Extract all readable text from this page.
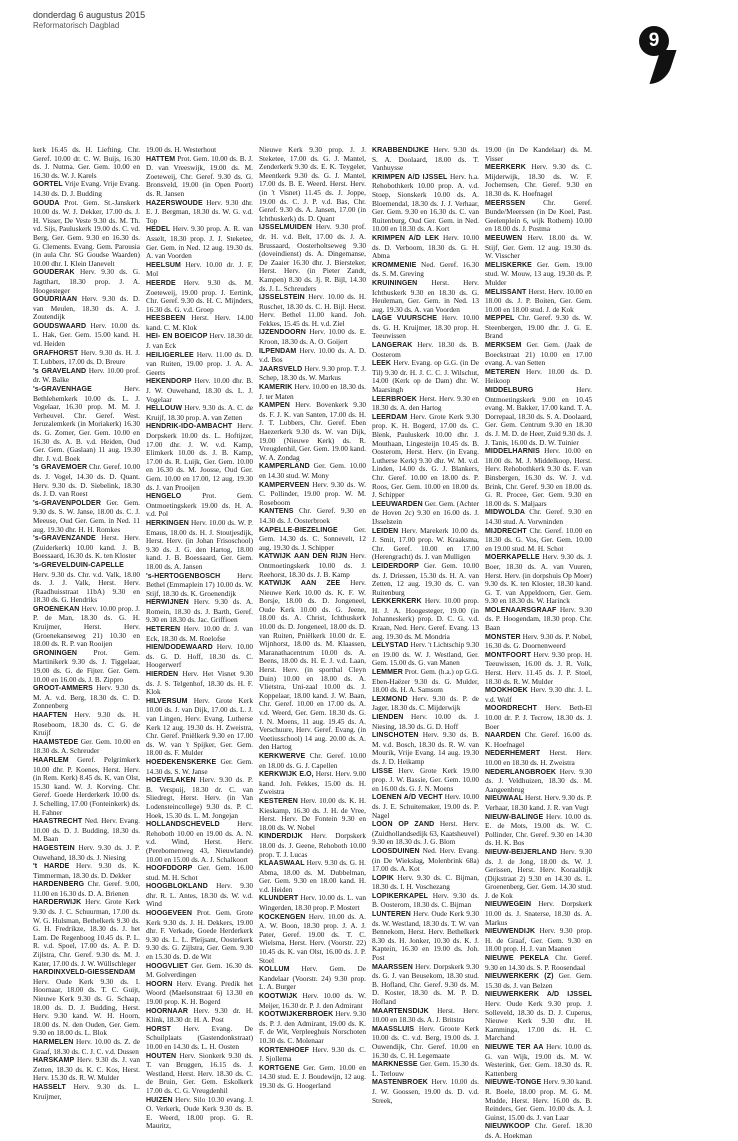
donderdag 6 augustus 2015
Reformatorisch Dagblad
9

kerk 16.45 ds. H. Liefting. Chr. Geref. 10.00 dr. C. W. Buijs, 16.30 ds. J. Nutma. Ger. Gem. 10.00 en 16.30 ds. W. J. Karels

GORTEL Vrije Evang. Vrije Evang. 14.30 ds. D. J. Budding

GOUDA Prot. Gem. St.-Janskerk 10.00 ds. W. J. Dekker, 17.00 ds. J. H. Visser, De Veste 9.30 ds. M. Th. vd. Sijs, Pauluskerk 19.00 ds. C. vd. Berg, Ger. Gem. 9.30 en 16.30 ds. G. Clements. Evang. Gem. Parousia (in aula Chr. SG Goudse Waarden) 10.00 dhr. I. Klein IJanevelt

GOUDERAK Herv. 9.30 ds. G. Jagtthart, 18.30 prop. J. A. Hoogesteger

GOUDRIAAN Herv. 9.30 ds. D. van Meulen, 18.30 ds. A. J. Zoutendijk

GOUDSWAARD Herv. 10.00 ds. L. Hak, Ger. Gem. 15.00 kand. H. vd. Heiden

GRAFHORST Herv. 9.30 ds. H. J. T. Lubbers, 17.00 ds. D. Breure

's GRAVELAND Herv. 10.00 prof. dr. W. Balke

's-GRAVENHAGE	Herv. Bethlehemkerk 10.00 ds. L. J. Vogelaar, 16.30 prop. M. M. J. Verheuvel. Chr. Geref. West. Jeruzalemkerk (in Moriakerk) 16.30 ds. G. Zomer, Ger. Gem. 10.00 en 16.30 ds. A. B. v.d. Heiden, Oud Ger. Gem. (Gaslaan) 11 aug. 19.30 dhr. J. v.d. Boek

's GRAVEMOER Chr. Geref. 10.00 ds. J. Vogel, 14.30 ds. D. Quant. Herv. 9.30 ds. D. Siebelink, 18.30 ds. J. D. van Roest

's-GRAVENPOLDER Ger. Gem. 9.30 ds. S. W. Janse, 18.00 ds. C. J. Meeuse, Oud Ger. Gem. in Ned. 11 aug. 19.30 dhr. H. H. Romkes

's-GRAVENZANDE Herst. Herv. (Zuiderkerk) 10.00 kand. J. B. Boessaard, 16.30 ds. K. ten Kloster

's-GREVELDUIN-CAPELLE Herv. 9.30 ds. Chr. v.d. Valk, 18.00 ds. J. J. Valk, Herst. Herv. (Raadhuisstraat 11bA) 9.30 en 18.30 ds. G. Hendriks

GROENEKAN Herv. 10.00 prop. J. P. de Man, 18.30 ds. G. H. Kruijmer, Herst. Herv. (Groenekanseweg 21) 10.30 en 18.00 ds. R. P. van Rooijen

GRONINGEN Prot. Gem. Martinikerk 9.30 ds. J. Tiggelaar, 19.00 ds. G. de Fijter. Ger. Gem. 10.00 en 16.00 ds. J. B. Zippro

GROOT-AMMERS Herv. 9.30 ds. M. A. v.d. Berg, 18.30 ds. C. D. Zonnenberg

HAAFTEN Herv. 9.30 ds. H. Roseboom, 18.30 ds. C. G. de Kruijf

HAAMSTEDE Ger. Gem. 10.00 en 18.30 ds. A. Schreuder

HAARLEM Geref. Pelgrimkerk 10.00 dhr. P. Koenes, Herst. Herv. (in Rem. Kerk) 8.45 ds. K. van Olst, 15.30 kand. W. J. Korving. Chr. Geref. Goede Herderkerk 10.00 ds. J. Schelling, 17.00 (Fonteinkerk) ds. H. Fahner

HAASTRECHT Ned. Herv. Evang. 10.00 ds. D. J. Budding, 18.30 ds. M. Baan

HAGESTEIN Herv. 9.30 ds. J. P. Ouwehand, 18.30 ds. J. Niesing

't HARDE Herv. 9.30 ds. K. Timmerman, 18.30 ds. D. Dekker

HARDENBERG Chr. Geref. 9.00, 11.00 en 16.30 ds. D. A. Brienen

HARDERWIJK Herv. Grote Kerk 9.30 ds. J. C. Schuurman, 17.00 ds. W. G. Hulsman, Bethelkerk 9.30 ds. G. H. Fredrikze, 18.30 ds. J. het Lam. De Regenboog 10.45 ds. P. L. R. v.d. Spoel, 17.00 ds. A. P. D. Zijlstra, Chr. Geref. 9.30 ds. M. J. Kater, 17.00 ds. J. W. Wüllschleger

HARDINXVELD-GIESSENDAM Herv. Oude Kerk 9.30 ds. I. Hoornaar, 18.00 ds. T. C. Guijt, Nieuwe Kerk 9.30 ds. G. Schaap, 18.00 ds. D. J. Budding, Herst. Herv. 9.30 kand. W. H. Hoorn, 18.00 ds. N. den Ouden, Ger. Gem. 9.30 en 18.00 ds. L. Blok

HARMELEN Herv. 10.00 ds. Z. de Graaf, 18.30 ds. C. J. C. v.d. Dussen

HARSKAMP Herv. 9.30 ds. J. van Zetten, 18.30 ds. K. C. Kos, Herst. Herv. 15.30 ds. R. W. Mulder

HASSELT Herv. 9.30 ds. L. Kruijmer,

19.00 ds. H. Westerhout

HATTEM Prot. Gem. 10.00 ds. B. J. D. van Vreeswijk, 19.00 ds. M. Zoeteweij, Chr. Geref. 9.30 ds. G. Bronsveld, 19.00 (in Open Poort) ds. R. Jansen

HAZERSWOUDE Herv. 9.30 dhr. E. J. Bergman, 18.30 ds. W. G. v.d. Top

HEDEL Herv. 9.30 prop. A. R. van Asselt, 18.30 prop. J. J. Steketee, Ger. Gem. in Ned. 12 aug. 19.30 ds. A. van Voorden

HEELSUM Herv. 10.00 dr. J. F. Mol

HEERDE Herv. 9.30 ds. M. Zoeteweij, 19.00 prop. J. Eertink, Chr. Geref. 9.30 ds. H. C. Mijnders, 16.30 ds. G. v.d. Groep

HEESBEEN Herst. Herv. 14.00 kand. C. M. Klok

HEI- EN BOEICOP Herv. 18.30 dr. J. van Eck

HEILIGERLEE Herv. 11.00 ds. D. van Ruiten, 19.00 prop. J. A. A. Geerts

HEKENDORP Herv. 10.00 dhr. B. J. W. Ouwehand, 18.30 ds. L. J. Vogelaar

HELLOUW Herv. 9.30 ds. A. C. de Kruijf, 18.30 prop. A. van Zetten

HENDRIK-IDO-AMBACHT Herv. Dorpskerk 10.00 ds. L. Hoftijzer, 17.00 dhr. J. W. v.d. Kamp, Elimkerk 10.00 ds. J. B. Kamp, 17.00 ds. R. Luijk, Ger. Gem. 10.00 en 16.30 ds. M. Joosse, Oud Ger. Gem. 10.00 en 17.00, 12 aug. 19.30 ds. J. van Prooijen

HENGELO	Prot. Gem. Ontmoetingskerk 19.00 ds. H. A. v.d. Pol

HERKINGEN Herv. 10.00 ds. W. P. Emaus, 18.00 ds. H. J. Stoutjesdijk, Herst. Herv. (in Johan Frisoschool) 9.30 ds. J. G. den Hartog, 18.00 kand. J. B. Boessaard, Ger. Gem. 18.00 ds. A. Jansen

's-HERTOGENBOSCH Herv. Bethel (Emmaplein 17) 10.00 ds. W. Stijf, 18.30 ds. K. Groenendijk

HERWIJNEN Herv. 9.30 ds. A. Romein, 18.30 ds. J. Barth, Geref. 9.30 en 18.30 ds. Jac. Griffioen

HETEREN Herv. 10.00 dr. J. van Eck, 18.30 ds. M. Roelofse

HIEN/DODEWAARD Herv. 10.00 ds. G. D. Hoff, 18.30 ds. C. Hoogerwerf

HIERDEN Herv. Het Visnet 9.30 ds. J. S. Telgenhof, 18.30 ds. H. F. Klok

HILVERSUM Herv. Grote Kerk 10.00 ds. J. van Dijk, 17.00 ds. L. J. van Lingen, Herv. Evang. Lutherse Kerk 12 aug. 19.30 ds. H. Zweistra, Chr. Geref. Pniëlkerk 9.30 en 17.00 ds. W. van 't Spijker, Ger. Gem. 18.00 ds. F. Mulder

HOEDEKENSKERKE Ger. Gem. 14.30 ds. S. W. Janse

HOEVELAKEN Herv. 9.30 ds. P. B. Verspuij, 18.30 dr. C. van Sliedregt, Herst. Herv. (in Van Lodensteincollege) 9.30 ds. P. C. Hoek, 15.30 ds. L. M. Jongejan

HOLLANDSCHEVELD Herv. Rehoboth 10.00 en 19.00 ds. A. N. v.d. Wind, Herst. Herv. (Perebomenweg 43, Nieuwlande) 10.00 en 15.00 ds. A. J. Schalkoort

HOOFDDORP Ger. Gem. 16.00 stud. M. H. Schot

HOOGBLOKLAND Herv. 9.30 dhr. R. L. Antes, 18.30 ds. W. v.d. Wind

HOOGEVEEN Prot. Gem. Grote Kerk 9.30 ds. J. H. Dekkers, 19.00 dhr. F. Verkade, Goede Herderkerk 9.30 ds. L. L. Pleijsant, Oosterkerk 9.30 ds. G. Zijlstra, Ger. Gem. 9.30 en 15.30 ds. D. de Wit

HOOGVLIET Ger. Gem. 16.30 ds. M. Golverdingen

HOORN Herv. Evang. Predik het Woord (Maelsonstraat 6) 13.30 en 19.00 prop. K. H. Bogerd

HOORNAAR Herv. 9.30 dr. H. Klink, 18.30 dr. H. A. Post

HORST Herv. Evang. De Schuilplaats (Gastendonkstraat) 10.00 en 14.30 ds. L. H. Oosten

HOUTEN Herv. Sionkerk 9.30 ds. T. van Bruggen, 16.15 ds. J. Westland, Herst. Herv. 18.30 ds. C. de Bruin, Ger. Gem. Eskolkerk 17.00 ds. C. G. Vreugdenhil

HUIZEN Herv. Silo 10.30 evang. J. O. Verkerk, Oude Kerk 9.30 ds. B. E. Weerd, 18.00 prop. G. R. Mauritz,

Nieuwe Kerk 9.30 prop. J. J. Steketee, 17.00 ds. G. J. Mantel, Zenderkerk 9.30 ds. E. K. Teygeler, Meentkerk 9.30 ds. G. J. Mantel, 17.00 ds. B. E. Weerd. Herst. Herv. (in 't Visnet) 11.45 ds. J. Joppe, 19.00 ds. C. J. P. v.d. Bas, Chr. Geref. 9.30 ds. A. Jansen, 17.00 (in Ichthuskerk) ds. D. Quant

IJSSELMUIDEN Herv. 9.30 prof. dr. H. v.d. Belt, 17.00 ds. J. A. Brussaard, Oosterholtseweg 9.30 (doveindienst) ds. A. Dingemanse, De Zaaier 16.30 dhr. J. Biersteker, Herst. Herv. (in Pieter Zandt, Kampen) 8.30 ds. Jj. R. Bijl, 14.30 ds. J. L. Schreuders

IJSSELSTEIN Herv. 10.00 ds. H. Ruschet, 18.30 ds. C. H. Bijl. Herst. Herv. Bethel 11.00 kand. Joh. Fekkes, 15.45 ds. H. v.d. Ziel

IJZENDOORN Herv. 10.00 ds. E. Kroon, 18.30 ds. A. O. Goijert

ILPENDAM Herv. 10.00 ds. A. D. v.d. Bos

JAARSVELD Herv. 9.30 prop. T. J. Schep, 18.30 ds. W. Markus

KAMERIK Herv. 10.00 en 18.30 ds. J. ter Maten

KAMPEN Herv. Bovenkerk 9.30 ds. F. J. K. van Santen, 17.00 ds. H. J. T. Lubbers, Chr. Geref. Eben Haezerkerk 9.30 ds. W. van Dijk, 19.00 (Nieuwe Kerk) ds. R. Vreugdenhil, Ger. Gem. 19.00 kand. W. A. Zondag

KAMPERLAND Ger. Gem. 10.00 en 14.30 stud. W. Mony

KAMPERVEEN Herv. 9.30 ds. W. C. Pollinder, 19.00 prop. W. M. Roseboom

KANTENS Chr. Geref. 9.30 en 14.30 ds. J. Oosterbroek

KAPELLE-BIEZELINGE Ger. Gem. 14.30 ds. C. Sonnevelt, 12 aug. 19.30 ds. J. Schipper

KATWIJK AAN DEN RIJN Herv. Ontmoetingskerk 10.00 ds. J. Reehorst, 18.30 ds. J. B. Kamp

KATWIJK AAN ZEE Herv. Nieuwe Kerk 10.00 ds. K. F. W. Borsje, 18.00 ds. D. Jongeneel, Oude Kerk 10.00 ds. G. Jeene, 18.00 ds. A. Christ, Ichthuskerk 10.00 ds. D. Jongeneel, 18.00 ds. D. van Ruiten, Pniëlkerk 10.00 dr. E. Wijnhorst, 18.00 ds. M. Klaassen, Maranathacentrum 10.00 ds. A. Beens, 18.00 ds. H. E. J. v.d. Laan, Herst. Herv. (in sporthal Cleyn Duin) 10.00 en 18.00 ds. A. Vlietstra, Uni-zaal 10.00 ds. J. Koppelaar, 18.00 kand. J. W. Baan, Chr. Geref. 10.00 en 17.00 ds. A. v.d. Weerd, Ger. Gem. 18.30 ds. G. J. N. Moens, 11 aug. 19.45 ds. A. Verschuure, Herv. Geref. Evang. (in Voetiusschool) 14 aug. 20.00 ds. A. den Hartog

KERKWERVE Chr. Geref. 10.00 en 18.00 ds. G. J. Capellen

KERKWIJK E.O, Herst. Herv. 9.00 kand. Joh. Fekkes, 15.00 ds. H. Zweistra

KESTEREN Herv. 10.00 ds. K. H. Kieskamp, 16.30 ds. J. H. de Vree, Herst. Herv. De Fontein 9.30 en 18.00 ds. W. Nobel

KINDERDIJK Herv. Dorpskerk 18.00 ds. J. Geene, Rehoboth 10.00 prop. T. J. Lucas

KLAASWAAL Herv. 9.30 ds. G. H. Abma, 18.00 ds. M. Dubbelman, Ger. Gem. 9.30 en 18.00 kand. H. v.d. Heiden

KLUNDERT Herv. 10.00 ds. L. van Wingerden, 18.30 prop. P. Mostert

KOCKENGEN Herv. 10.00 ds. A. A. W. Boon, 18.30 prop. J. A. J. Pater, Geref. 19.00 ds. T. C. Wielsma, Herst. Herv. (Voorstr. 22) 10.45 ds. K. van Olst, 16.00 ds. J. P. Stoel

KOLLUM Herv. Gem. De Kandelaar (Voorstr. 24) 9.30 prop. L. A. Burger

KOOTWIJK Herv. 10.00 ds. W. Meijer, 16.30 dr. P. J. den Admirant

KOOTWIJKERBROEK Herv. 9.30 ds. P. J. den Admirant, 19.00 ds. K. F. de Wit, Verpleeghuis Norschoten 10.30 ds. C. Molenaar

KORTENHOEF Herv. 9.30 ds. C. J. Sjollema

KORTGENE Ger. Gem. 10.00 en 14.30 stud. E. J. Boudewijn, 12 aug. 19.30 ds. G. Hoogerland

KRABBENDIJKE Herv. 9.30 ds. S. A. Doolaard, 18.00 ds. T. Vanhuysse

KRIMPEN A/D IJSSEL Herv. h.a. Rehobothkerk 10.00 prop. A. v.d. Stoep, Sionskerk 10.00 ds. A. Bloemendal, 18.30 ds. J. J. Verhaar, Ger. Gem. 9.30 en 16.30 ds. C. van Ruitenburg, Oud Ger. Gem. in Ned. 10.00 en 18.30 ds. A. Kort

KRIMPEN A/D LEK Herv. 10.00 ds. D. Verboom, 18.30 ds. G. H. Abma

KROMMENIE Ned. Geref. 16.30 ds. S. M. Greving

KRUININGEN Herst. Herv. Ichthuskerk 9.30 en 18.30 ds. G. Heuleman, Ger. Gem. in Ned. 13 aug. 19.30 ds. A. van Voorden

LAGE VUURSCHE Herv. 10.00 ds. G. H. Kruijmer, 18.30 prop. H. Teeuwissen

LANGERAK Herv. 18.30 ds. B. Oosterom

LEEK Herv. Evang. op G.G. (in De Til) 9.30 dr. H. J. C. C. J. Wilschut, 14.00 (Kerk op de Dam) dhr. W. Maarsingh

LEERBROEK Herst. Herv. 9.30 en 18.30 ds. A. den Hartog

LEERDAM Herv. Grote Kerk 9.30 prop. K. H. Bogerd, 17.00 ds. C. Blenk, Pauluskerk 10.00 dhr. J. Mouthaan, Lingesteijn 10.45 ds. B. Oosterom, Herst. Herv. (in Evang. Lutherse Kerk) 9.30 dhr. W. M. v.d. Linden, 14.00 ds. G. J. Blankers, Chr. Geref. 10.00 en 18.00 ds. P. Roos, Ger. Gem. 10.00 en 18.00 ds. J. Schipper

LEEUWARDEN Ger. Gem. (Achter de Hoven 2c) 9.30 en 16.00 ds. J. IJsselstein

LEIDEN Herv. Marekerk 10.00 ds. J. Smit, 17.00 prop. W. Kraaksma, Chr. Geref. 10.00 en 17.00 (Herengracht) ds. J. van Mulligen

LEIDERDORP Ger. Gem. 10.00 ds. J. Driessen, 15.30 ds. H. A. van Zetten, 12 aug. 19.30 ds. C. van Ruitenburg

LEKKERKERK Herv. 10.00 prop. H. J. A. Hoogesteger, 19.00 (in Johanneskerk) prop. D. C. G. v.d. Kraan, Ned. Herv. Geref. Evang. 13 aug. 19.30 ds. M. Mondria

LELYSTAD Herv. 't Lichtschip 9.30 en 19.00 ds. W. J. Westland, Ger. Gem. 15.00 ds. G. van Manen

LEMMER Prot. Gem. (h.a.) op G.G. Eben-Haëzer 9.30 ds. G. Mulder, 18.00 ds. H. A. Samsom

LEXMOND Herv. 9.30 ds. P. de Jager, 18.30 ds. C. Mijderwijk

LIENDEN Herv. 10.00 ds. J. Niesing, 18.30 ds. G. D. Hoff

LINSCHOTEN Herv. 9.30 ds. B. M. v.d. Bosch, 18.30 ds. R. W. van Mourik, Vrije Evang. 14 aug. 19.30 ds. J. D. Heikamp

LISSE Herv. Grote Kerk 19.00 prop. J. W. Bassie, Ger. Gem. 10.00 en 16.00 ds. G. J. N. Moens

LOENEN A/D VECHT Herv. 10.00 ds. J. E. Schuitemaker, 19.00 ds. P. Nagel

LOON OP ZAND Herst. Herv. (Zuidhollandsedijk 63, Kaatsheuvel) 9.30 en 18.30 ds. J. G. Blom

LOOSDUINEN Ned. Herv. Evang. (in De Wiekslag, Molenbrink 68a) 17.00 ds. A. Kot

LOPIK Herv. 9.30 ds. C. Bijman, 18.30 ds. I. H. Voschezang

LOPIKERKAPEL Herv. 9.30 ds. B. Oosterom, 18.30 ds. C. Bijman

LUNTEREN Herv. Oude Kerk 9.30 ds. W. Westland, 18.30 ds. T. W. van Bennekom, Herst. Herv. Bethelkerk 8.30 ds. H. Jonker, 10.30 ds. K. J. Kaptein, 16.30 en 19.00 ds. Joh. Post

MAARSSEN Herv. Dorpskerk 9.30 ds. G. J. van Beusekom, 18.30 stud. B. Hofland, Chr. Geref. 9.30 ds. M. D. Koster, 18.30 ds. M. P. D. Hofland

MAARTENSDIJK Herst. Herv. 10.00 en 18.30 ds. A. J. Britstra

MAASSLUIS Herv. Groote Kerk 10.00 ds. C. v.d. Berg, 19.00 ds. J. Ouwendijk, Chr. Geref. 10.00 en 16.30 ds. C. H. Legemaate

MARKNESSE Ger. Gem. 15.30 ds. L. Terlouw

MASTENBROEK Herv. 10.00 ds. J. W. Goossen, 19.00 ds. D. v.d. Streek,

19.00 (in De Kandelaar) ds. M. Visser

MEERKERK Herv. 9.30 ds. C. Mijderwijk, 18.30 ds. W. F. Jochemsen, Chr. Geref. 9.30 en 18.30 ds. K. Hoefnagel

MEERSSEN Chr. Geref. Bunde/Meerssen (in De Koel, Past. Geelenplein 6, wijk Rothem) 10.00 en 18.00 ds. J. Postma

MEEUWEN Herv. 18.00 ds. W. Stijf, Ger. Gem. 12 aug. 19.30 ds. W. Visscher

MELISKERKE Ger. Gem. 19.00 stud. W. Mouw, 13 aug. 19.30 ds. P. Mulder

MELISSANT Herst. Herv. 10.00 en 18.00 ds. J. P. Boiten, Ger. Gem. 10.00 en 18.00 stud. J. de Kok

MEPPEL Chr. Geref. 9.30 ds. W. Steenbergen, 19.00 dhr. J. G. E. Brand

MERKSEM Ger. Gem. (Jaak de Boeckstraat 21) 10.00 en 17.00 evang. A. van Setten

METEREN Herv. 10.00 ds. D. Heikoop

MIDDELBURG	Herv. Ontmoetingskerk 9.00 en 10.45 evang. M. Bakker, 17.00 kand. T. A. Dorrepaal, 18.30 ds. S. A. Doolaard, Ger. Gem. Centrum 9.30 en 18.30 ds. J. M. D. de Heer, Zuid 9.30 ds. J. J. Tanis, 16.00 ds. D. W. Tuinier

MIDDELHARNIS Herv. 10.00 en 18.00 ds. M. J. Middelkoop, Herst. Herv. Rehobothkerk 9.30 ds. F. van Binsbergen, 16.30 ds. W. J. v.d. Brink, Chr. Geref. 9.30 en 18.00 ds. G. R. Procee, Ger. Gem. 9.30 en 18.00 ds. S. Maljaars

MIDWOLDA Chr. Geref. 9.30 en 14.30 stud. A. Vorwninden

MIJDRECHT Chr. Geref. 10.00 en 18.30 ds. G. Vos, Ger. Gem. 10.00 en 19.00 stud. M. H. Schot

MOERKAPELLE Herv. 9.30 ds. J. Boer, 18.30 ds. A. van Vuuren, Herst. Herv. (in dorpshuis Op Moer) 9.30 ds. K. ten Kloster, 18.30 kand. G. T. van Appeldoorn, Ger. Gem. 9.30 en 18.30 ds. W. Harinck

MOLENAARSGRAAF Herv. 9.30 ds. P. Hoogendam, 18.30 prop. Chr. Baan

MONSTER Herv. 9.30 ds. P. Nobel, 16.30 ds. G. Doornenweerd

MONTFOORT Herv. 9.30 prop. H. Teeuwissen, 16.00 ds. J. R. Volk, Herst. Herv. 11.45 ds. J. P. Stoel, 18.30 ds. R. W. Mulder

MOOKHOEK Herv. 9.30 dhr. J. L. v.d. Wolf

MOORDRECHT Herv. Beth-El 10.00 dr. P. J. Tecrow, 18.30 ds. J. Boer

NAARDEN Chr. Geref. 16.00 ds. K. Hoefnagel

NEDERHEMERT Herst. Herv. 10.00 en 18.30 ds. H. Zweistra

NEDERLANGBROEK Herv. 9.30 ds. J. Veldhuizen, 18.30 ds. M. Aangeenbrug

NIEUWAAL Herst. Herv. 9.30 ds. P. Verhaar, 18.30 kand. J. R. van Vugt

NIEUW-BALINGE Herv. 10.00 ds. E. de Mots, 19.00 ds. W. C. Pollinder, Chr. Geref. 9.30 en 14.30 ds. H. K. Bos

NIEUW-BEIJERLAND Herv. 9.30 ds. J. de Jong, 18.00 ds. W. J. Gerissen, Herst. Herv. Koraaldijk (Dijkstraat 2) 9.30 en 14.30 ds. L. Groenenberg, Ger. Gem. 14.30 stud. J. de Kok

NIEUWEGEIN Herv. Dorpskerk 10.00 ds. J. Snaterse, 18.30 ds. A. Markus

NIEUWENDIJK Herv. 9.30 prop. H. de Graaf, Ger. Gem. 9.30 en 18.00 prop. H. J. van Maanen

NIEUWE PEKELA Chr. Geref. 9.30 en 14.30 ds. S. P. Roosendaal

NIEUWERKERK (Z) Ger. Gem. 15.30 ds. J. van Belzen

NIEUWERKERK A/D IJSSEL Herv. Oude Kerk 9.30 prop. J. Solleveld, 18.30 ds. D. J. Cuperus, Nieuwe Kerk 9.30 dhr. H. Kamminga, 17.00 ds. H. C. Marchand

NIEUWE TER AA Herv. 10.00 ds. G. van Wijk, 19.00 ds. M. W. Westerink, Ger. Gem. 18.30 ds. R. Kattenberg

NIEUWE-TONGE Herv. 9.30 kand. R. Boele, 18.00 prop. M. G. M. Mudde, Herst. Herv. 16.00 ds. B. Reinders, Ger. Gem. 10.00 ds. A. J. Guinst, 15.00 ds. J. van Laar

NIEUWKOOP Chr. Geref. 18.30 ds. A. Hoekman
